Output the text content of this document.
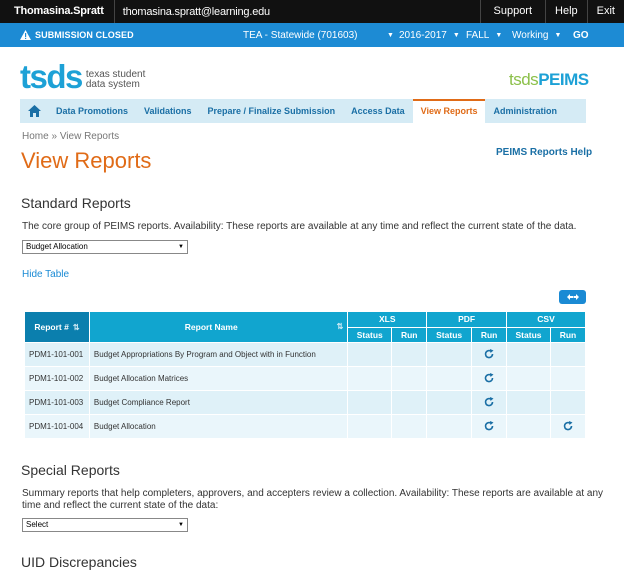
Thomasina.Spratt	thomasina.spratt@learning.edu	Support	Help	Exit
SUBMISSION CLOSED	TEA - Statewide (701603)	▼ 2016-2017 ▼ FALL ▼ Working ▼ GO
tsds texas student
data system	tsdsPEIMS
Data Promotions	Validations	Prepare / Finalize Submission	Access Data	View Reports	Administration
Home » View Reports
View Reports	PEIMS Reports Help
Standard Reports
The core group of PEIMS reports. Availability: These reports are available at any time and reflect the current state of the data.
Budget Allocation	▼
Hide Table
Report # ⇅	Report Name ⇅	XLS		PDF		CSV	
		Status	Run	Status	Run	Status	Run
PDM1-101-001	Budget Appropriations By Program and Object with in Function						
PDM1-101-002	Budget Allocation Matrices						
PDM1-101-003	Budget Compliance Report						
PDM1-101-004	Budget Allocation						
Special Reports
Summary reports that help completers, approvers, and accepters review a collection. Availability: These reports are available at any
time and reflect the current state of the data:
Select	▼
UID Discrepancies
